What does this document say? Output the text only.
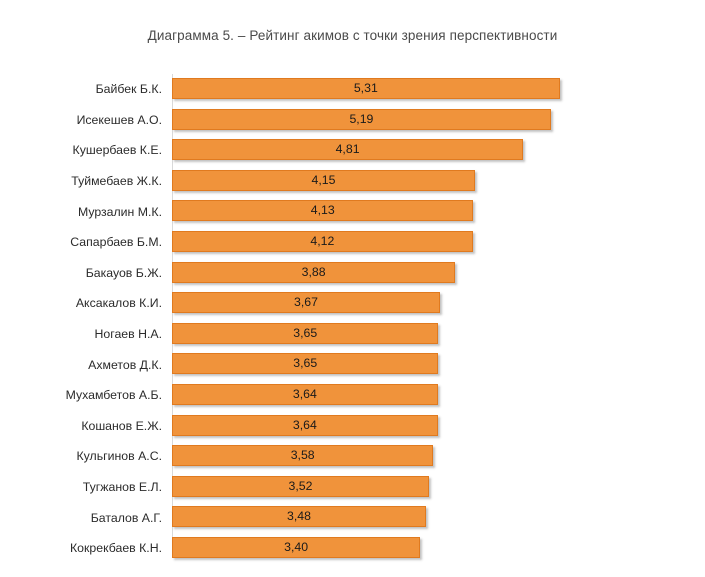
Диаграмма 5. – Рейтинг акимов с точки зрения перспективности
Байбек Б.К.	5,31
Исекешев А.О.	5,19
Кушербаев К.Е.	4,81
Туймебаев Ж.К.	4,15
Мурзалин М.К.	4,13
Сапарбаев Б.М.	4,12
Бакауов Б.Ж.	3,88
Аксакалов К.И.	3,67
Ногаев Н.А.	3,65
Ахметов Д.К.	3,65
Мухамбетов А.Б.	3,64
Кошанов Е.Ж.	3,64
Кульгинов А.С.	3,58
Тугжанов Е.Л.	3,52
Баталов А.Г.	3,48
Кокрекбаев К.Н.	3,40
